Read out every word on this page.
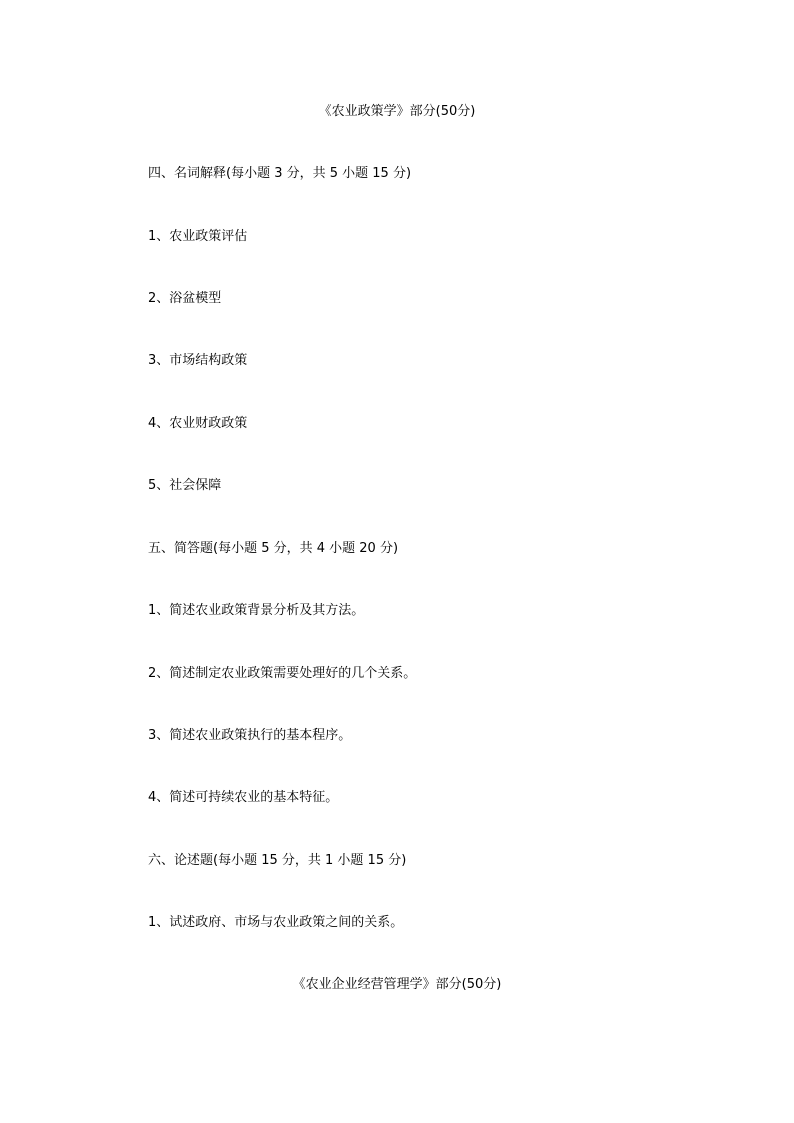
《农业政策学》部分(50分)
四、名词解释(每小题 3 分，共 5 小题 15 分)
1、农业政策评估
2、浴盆模型
3、市场结构政策
4、农业财政政策
5、社会保障
五、简答题(每小题 5 分，共 4 小题 20 分)
1、简述农业政策背景分析及其方法。
2、简述制定农业政策需要处理好的几个关系。
3、简述农业政策执行的基本程序。
4、简述可持续农业的基本特征。
六、论述题(每小题 15 分，共 1 小题 15 分)
1、试述政府、市场与农业政策之间的关系。
《农业企业经营管理学》部分(50分)
